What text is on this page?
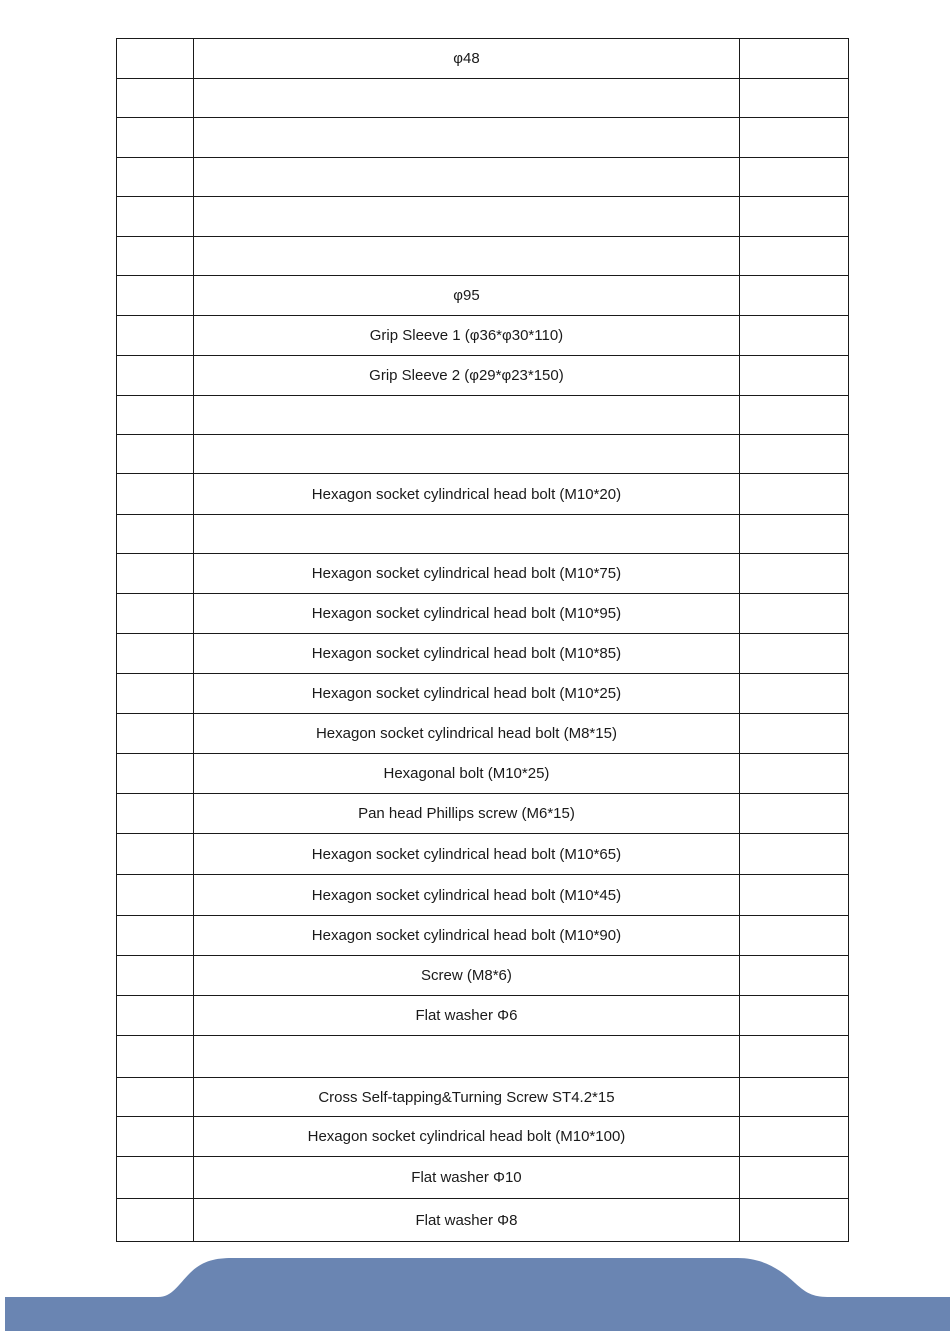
	φ48	

	φ95	
	Grip Sleeve 1 (φ36*φ30*110)	
	Grip Sleeve 2 (φ29*φ23*150)	

	Hexagon socket cylindrical head bolt (M10*20)	

	Hexagon socket cylindrical head bolt (M10*75)	
	Hexagon socket cylindrical head bolt (M10*95)	
	Hexagon socket cylindrical head bolt (M10*85)	
	Hexagon socket cylindrical head bolt (M10*25)	
	Hexagon socket cylindrical head bolt (M8*15)	
	Hexagonal bolt (M10*25)	
	Pan head Phillips screw (M6*15)	
	Hexagon socket cylindrical head bolt (M10*65)	
	Hexagon socket cylindrical head bolt (M10*45)	
	Hexagon socket cylindrical head bolt (M10*90)	
	Screw (M8*6)	
	Flat washer Φ6	

	Cross Self-tapping&Turning Screw ST4.2*15	
	Hexagon socket cylindrical head bolt (M10*100)	
	Flat washer Φ10	
	Flat washer Φ8	
